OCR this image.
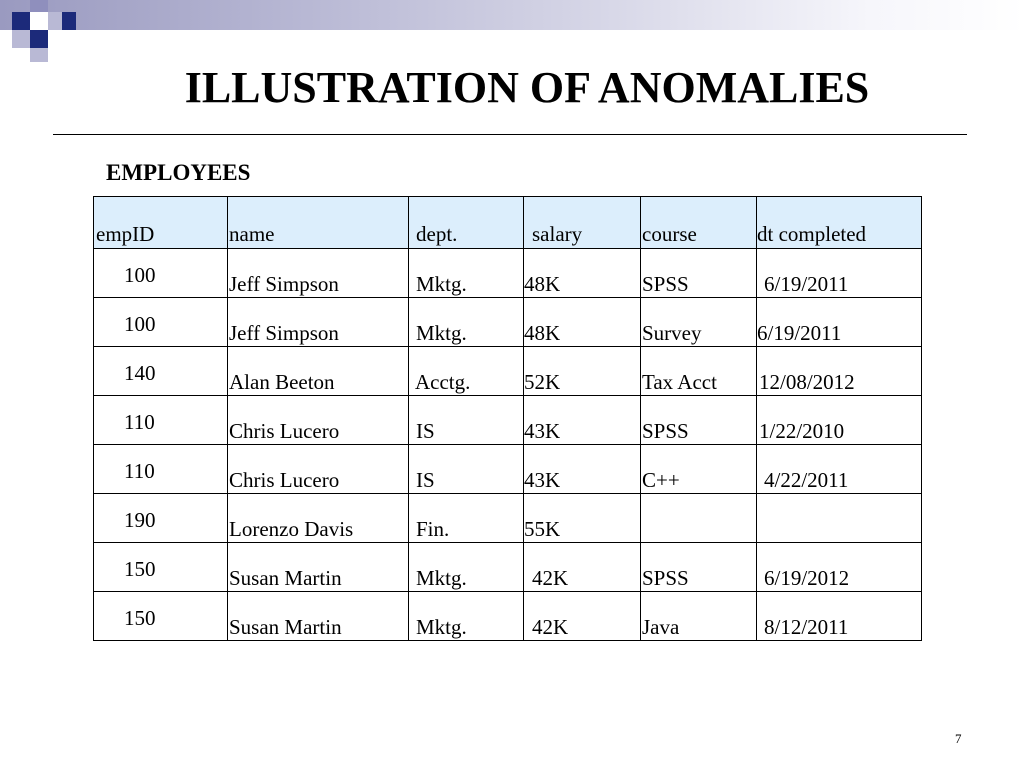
ILLUSTRATION OF ANOMALIES
EMPLOYEES
empID	name	dept.	salary	course	dt completed

100	Jeff Simpson	Mktg.	48K	SPSS	6/19/2011

100	Jeff Simpson	Mktg.	48K	Survey	6/19/2011

140	Alan Beeton	Acctg.	52K	Tax Acct	12/08/2012

110	Chris Lucero	IS	43K	SPSS	1/22/2010

110	Chris Lucero	IS	43K	C++	4/22/2011

190	Lorenzo Davis	Fin.	55K		

150	Susan Martin	Mktg.	42K	SPSS	6/19/2012

150	Susan Martin	Mktg.	42K	Java	8/12/2011
7
